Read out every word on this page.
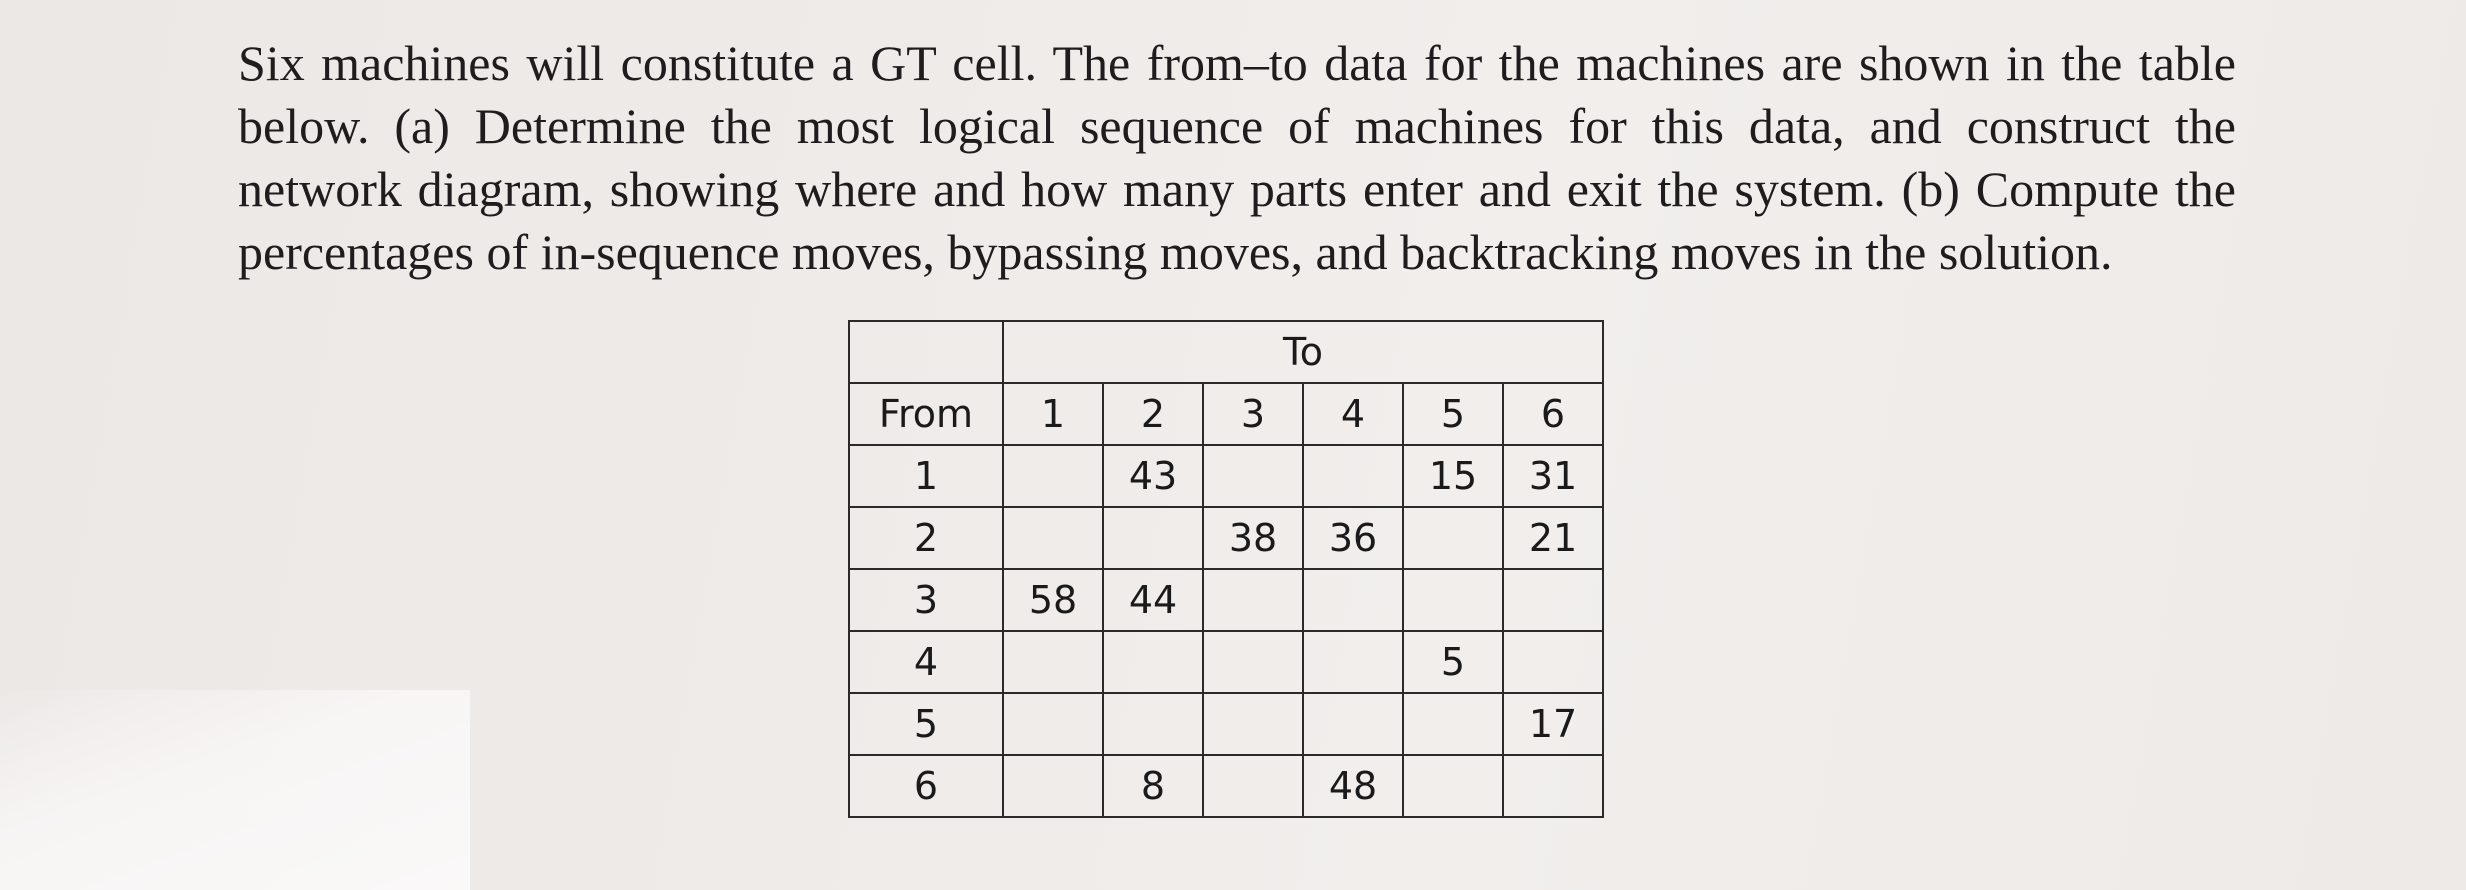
Six machines will constitute a GT cell. The from–to data for the machines are shown in the table below. (a) Determine the most logical sequence of machines for this data, and construct the network diagram, showing where and how many parts enter and exit the system. (b) Compute the percentages of in-sequence moves, bypassing moves, and backtracking moves in the solution.

	To					
From	1	2	3	4	5	6
1		43			15	31
2			38	36		21
3	58	44				
4					5	
5						17
6		8		48		
